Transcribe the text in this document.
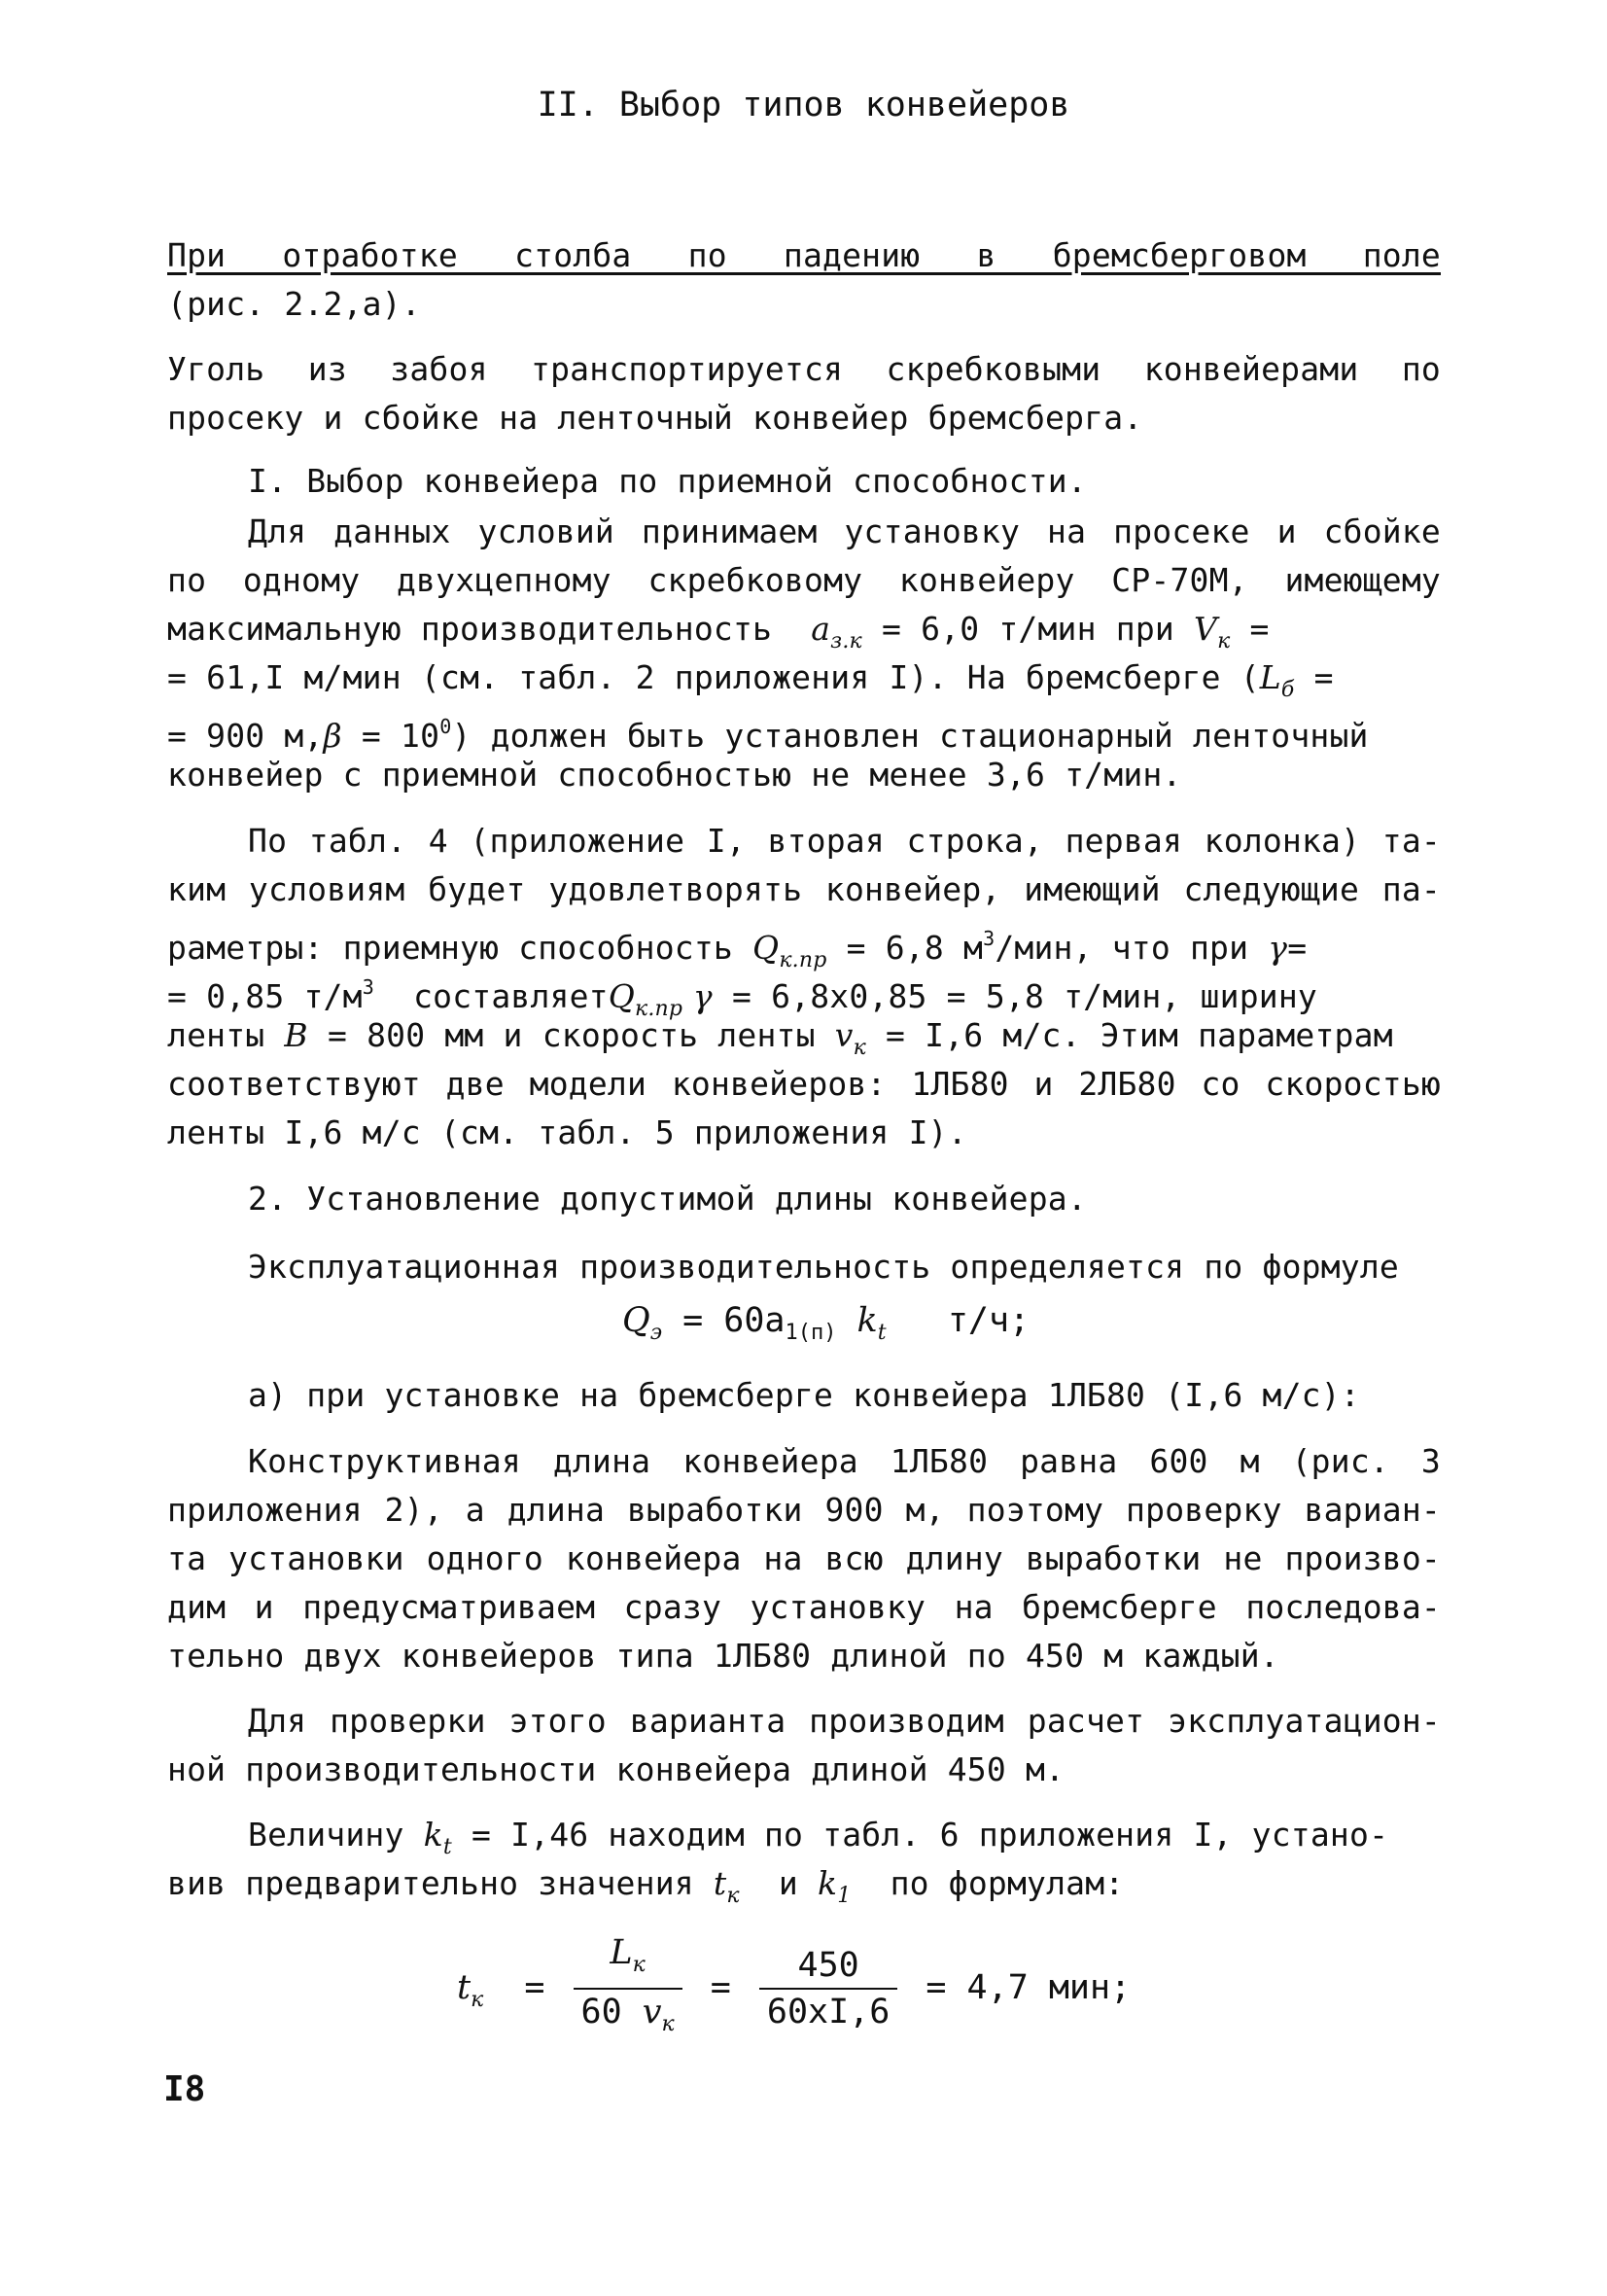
II. Выбор типов конвейеров
При отработке столба по падению в бремсберговом поле
(рис. 2.2,а).
Уголь из забоя транспортируется скребковыми конвейерами по
просеку и сбойке на ленточный конвейер бремсберга.
I. Выбор конвейера по приемной способности.
Для данных условий принимаем установку на просеке и сбойке
по одному двухцепному скребковому конвейеру СР-70М, имеющему
максимальную производительность $a_{з.к} = 6,0$ т/мин при $V_к$ =
= 61,I м/мин (см. табл. 2 приложения I). На бремсберге ($L_б$ =
= 900 $м,\beta = 10^0$) должен быть установлен стационарный ленточный
конвейер с приемной способностью не менее 3,6 т/мин.
По табл. 4 (приложение I, вторая строка, первая колонка) та-
ким условиям будет удовлетворять конвейер, имеющий следующие па-
раметры: приемную способность $Q_{к.пр} = 6,8$ $м^3$/мин, что при γ=
= 0,85 $т/м^3$ составляетQ$_{к.пр}$ γ = 6,8x0,85 = 5,8 т/мин, ширину
ленты B = 800 мм и скорость ленты $v_к = I,6$ м/с. Этим параметрам
соответствуют две модели конвейеров: 1ЛБ80 и 2ЛБ80 со скоростью
ленты I,6 м/с (см. табл. 5 приложения I).
2. Установление допустимой длины конвейера.
Эксплуатационная производительность определяется по формуле
$Q_э = 60a_{1(п)}$ $k_t$ т/ч;
а) при установке на бремсберге конвейера 1ЛБ80 (I,6 м/с):
Конструктивная длина конвейера 1ЛБ80 равна 600 м (рис. 3
приложения 2), а длина выработки 900 м, поэтому проверку вариан-
та установки одного конвейера на всю длину выработки не произво-
дим и предусматриваем сразу установку на бремсберге последова-
тельно двух конвейеров типа 1ЛБ80 длиной по 450 м каждый.
Для проверки этого варианта производим расчет эксплуатацион-
ной производительности конвейера длиной 450 м.
Величину $k_t = I,46$ находим по табл. 6 приложения I, устано-
вив предварительно значения $t_к$ и $k_1$ по формулам:
$t_к = \frac{L_к}{60 v_к} = \frac{450}{60xI,6} = 4,7$ мин;
I8
